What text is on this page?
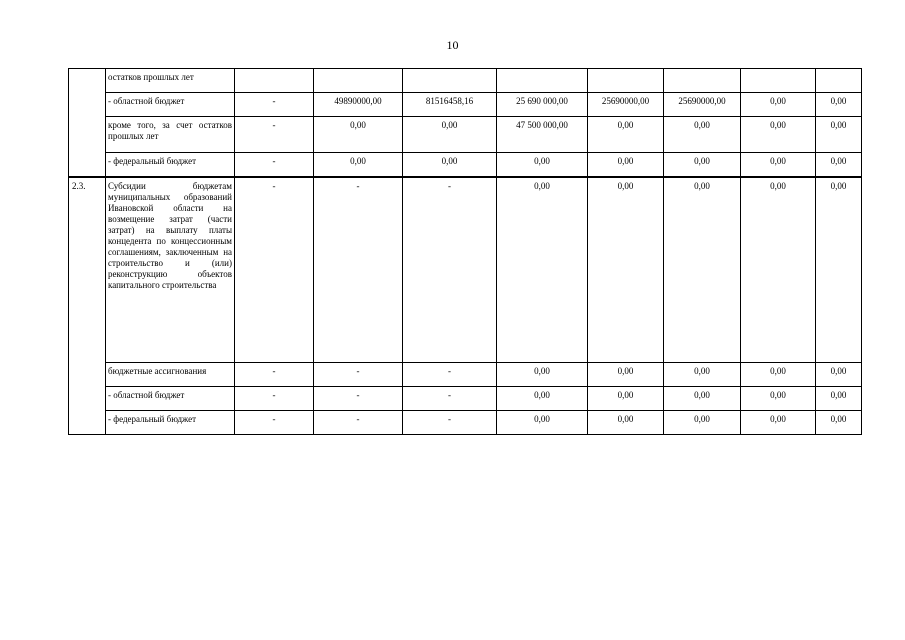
10
	остатков прошлых лет								
	- областной бюджет	-	49890000,00	81516458,16	25 690 000,00	25690000,00	25690000,00	0,00	0,00
	кроме того, за счет остатков прошлых лет	-	0,00	0,00	47 500 000,00	0,00	0,00	0,00	0,00
	- федеральный бюджет	-	0,00	0,00	0,00	0,00	0,00	0,00	0,00
2.3.	Субсидии бюджетам муниципальных образований Ивановской области на возмещение затрат (части затрат) на выплату платы концедента по концессионным соглашениям, заключенным на строительство и (или) реконструкцию объектов капитального строительства	-	-	-	0,00	0,00	0,00	0,00	0,00
	бюджетные ассигнования	-	-	-	0,00	0,00	0,00	0,00	0,00
	- областной бюджет	-	-	-	0,00	0,00	0,00	0,00	0,00
	- федеральный бюджет	-	-	-	0,00	0,00	0,00	0,00	0,00
